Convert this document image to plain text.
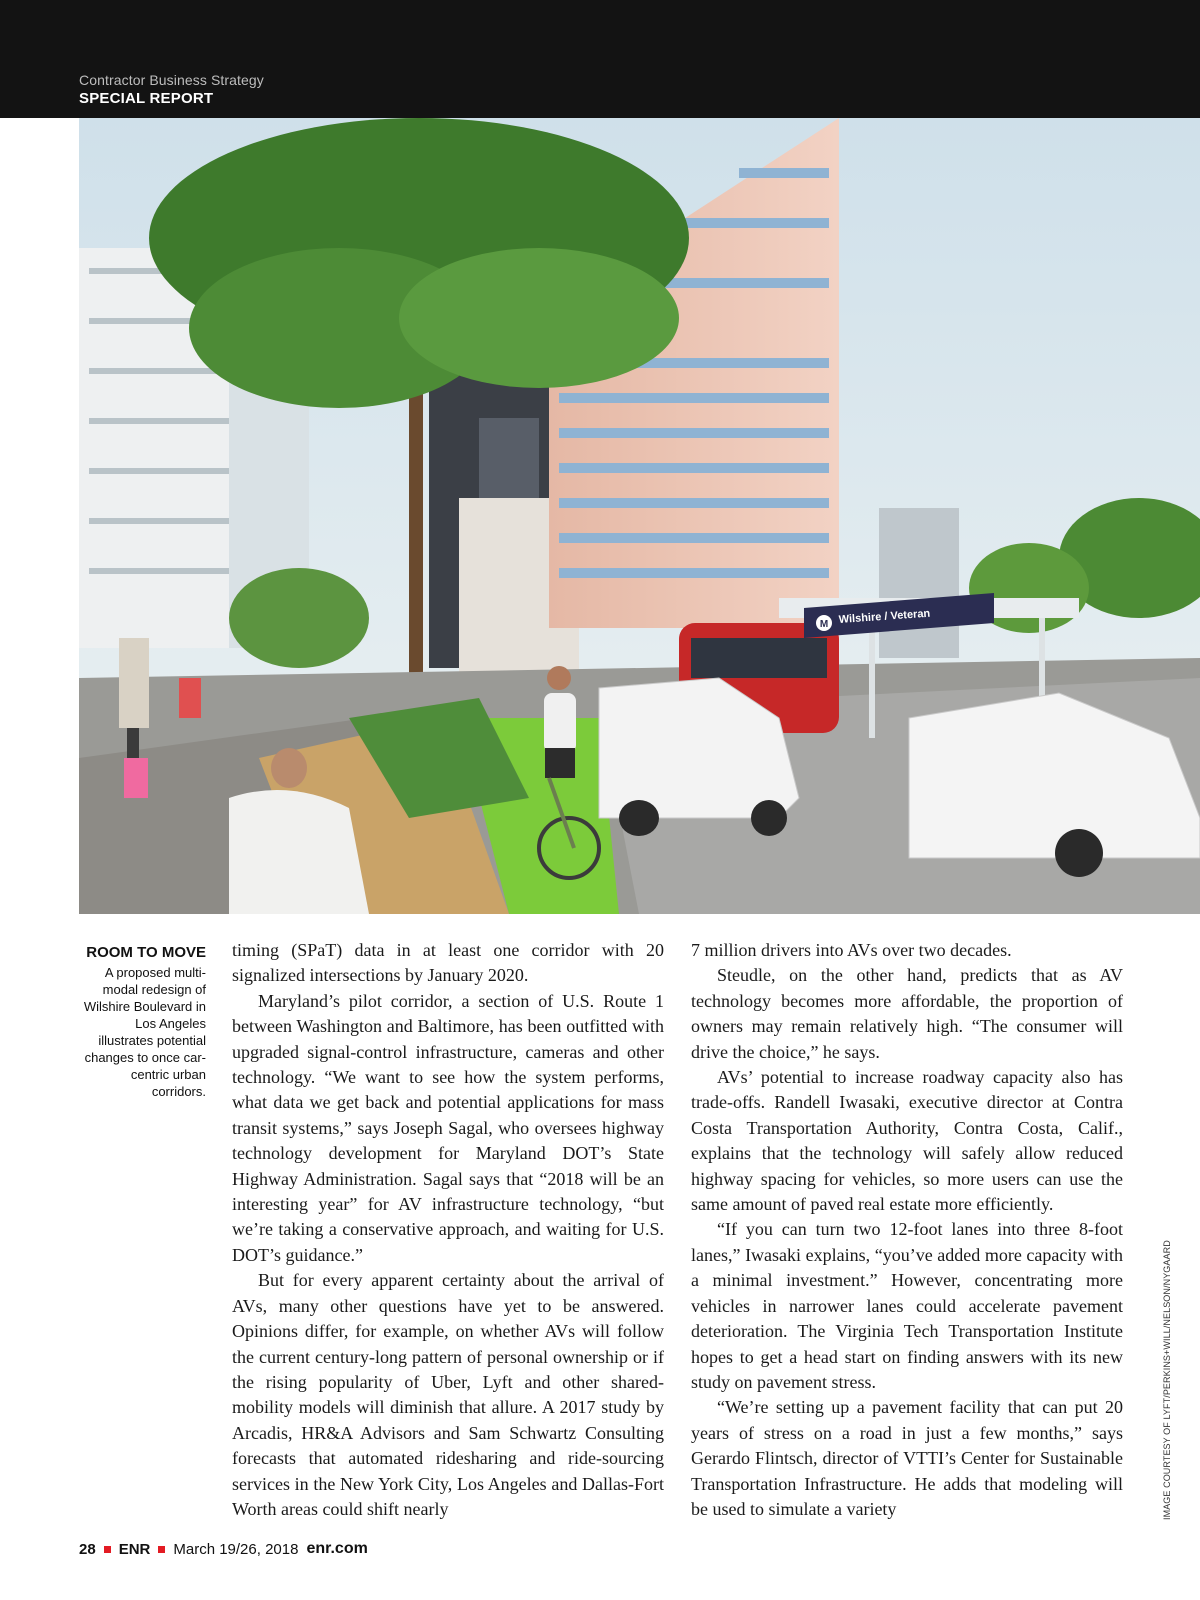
Contractor Business Strategy
SPECIAL REPORT
M Wilshire / Veteran
ROOM TO MOVE
A proposed multi-modal redesign of Wilshire Boulevard in Los Angeles illustrates potential changes to once car-centric urban corridors.

timing (SPaT) data in at least one corridor with 20 signalized intersections by January 2020.

Maryland’s pilot corridor, a section of U.S. Route 1 between Washington and Baltimore, has been outfitted with upgraded signal-control infrastructure, cameras and other technology. “We want to see how the system performs, what data we get back and potential applications for mass transit systems,” says Joseph Sagal, who oversees highway technology development for Maryland DOT’s State Highway Administration. Sagal says that “2018 will be an interesting year” for AV infrastructure technology, “but we’re taking a conservative approach, and waiting for U.S. DOT’s guidance.”

But for every apparent certainty about the arrival of AVs, many other questions have yet to be answered. Opinions differ, for example, on whether AVs will follow the current century-long pattern of personal ownership or if the rising popularity of Uber, Lyft and other shared-mobility models will diminish that allure. A 2017 study by Arcadis, HR&A Advisors and Sam Schwartz Consulting forecasts that automated ridesharing and ride-sourcing services in the New York City, Los Angeles and Dallas-Fort Worth areas could shift nearly

7 million drivers into AVs over two decades.

Steudle, on the other hand, predicts that as AV technology becomes more affordable, the proportion of owners may remain relatively high. “The consumer will drive the choice,” he says.

AVs’ potential to increase roadway capacity also has trade-offs. Randell Iwasaki, executive director at Contra Costa Transportation Authority, Contra Costa, Calif., explains that the technology will safely allow reduced highway spacing for vehicles, so more users can use the same amount of paved real estate more efficiently.

“If you can turn two 12-foot lanes into three 8-foot lanes,” Iwasaki explains, “you’ve added more capacity with a minimal investment.” However, concentrating more vehicles in narrower lanes could accelerate pavement deterioration. The Virginia Tech Transportation Institute hopes to get a head start on finding answers with its new study on pavement stress.

“We’re setting up a pavement facility that can put 20 years of stress on a road in just a few months,” says Gerardo Flintsch, director of VTTI’s Center for Sustainable Transportation Infrastructure. He adds that modeling will be used to simulate a variety	IMAGE COURTESY OF LYFT/PERKINS+WILL/NELSON/NYGAARD
28 ENR March 19/26, 2018 enr.com
